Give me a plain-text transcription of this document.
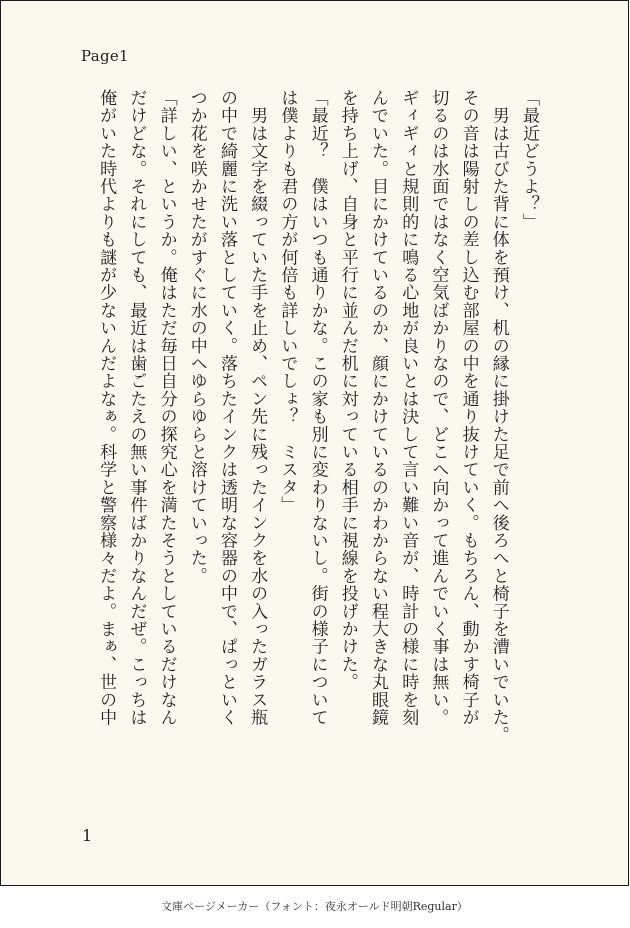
Page1
「最近どうよ？」
　男は古びた背に体を預け、机の縁に掛けた足で前へ後ろへと椅子を漕いでいた。
その音は陽射しの差し込む部屋の中を通り抜けていく。もちろん、動かす椅子が
切るのは水面ではなく空気ばかりなので、どこへ向かって進んでいく事は無い。
ギィギィと規則的に鳴る心地が良いとは決して言い難い音が、時計の様に時を刻
んでいた。目にかけているのか、顔にかけているのかわからない程大きな丸眼鏡
を持ち上げ、自身と平行に並んだ机に対っている相手に視線を投げかけた。
「最近？　僕はいつも通りかな。この家も別に変わりないし。街の様子について
は僕よりも君の方が何倍も詳しいでしょ？　ミスタ」
　男は文字を綴っていた手を止め、ペン先に残ったインクを水の入ったガラス瓶
の中で綺麗に洗い落としていく。落ちたインクは透明な容器の中で、ぱっといく
つか花を咲かせたがすぐに水の中へゆらゆらと溶けていった。
「詳しい、というか。俺はただ毎日自分の探究心を満たそうとしているだけなん
だけどな。それにしても、最近は歯ごたえの無い事件ばかりなんだぜ。こっちは
俺がいた時代よりも謎が少ないんだよなぁ。科学と警察様々だよ。まぁ、世の中
1
文庫ページメーカー（フォント：夜永オールド明朝Regular）
